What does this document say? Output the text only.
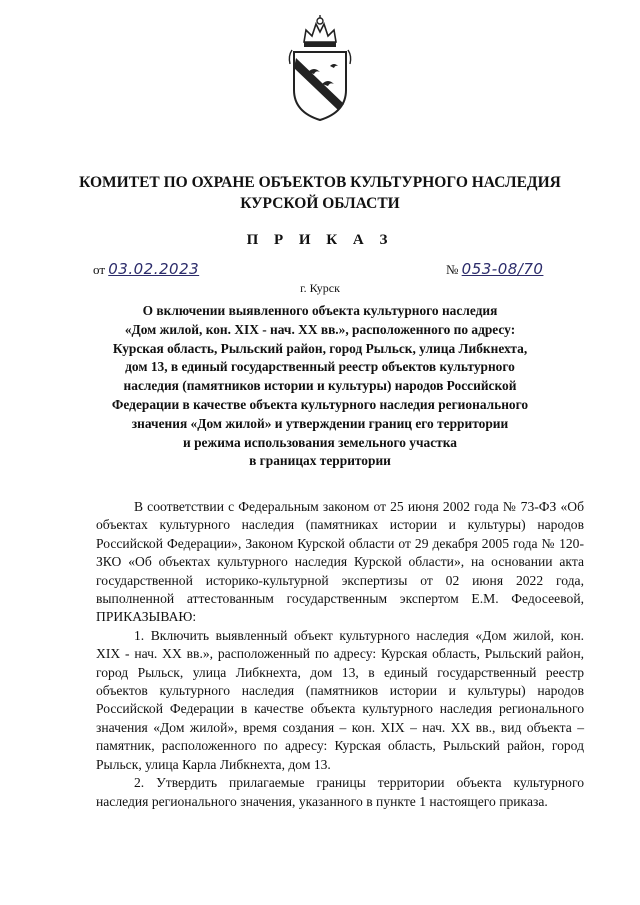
КОМИТЕТ ПО ОХРАНЕ ОБЪЕКТОВ КУЛЬТУРНОГО НАСЛЕДИЯ
КУРСКОЙ ОБЛАСТИ
П Р И К А З
от 03.02.2023	№ 053-08/70
г. Курск
О включении выявленного объекта культурного наследия
«Дом жилой, кон. XIX - нач. XX вв.», расположенного по адресу:
Курская область, Рыльский район, город Рыльск, улица Либкнехта,
дом 13, в единый государственный реестр объектов культурного
наследия (памятников истории и культуры) народов Российской
Федерации в качестве объекта культурного наследия регионального
значения «Дом жилой» и утверждении границ его территории
и режима использования земельного участка
в границах территории

В соответствии с Федеральным законом от 25 июня 2002 года № 73-ФЗ «Об объектах культурного наследия (памятниках истории и культуры) народов Российской Федерации», Законом Курской области от 29 декабря 2005 года № 120-ЗКО «Об объектах культурного наследия Курской области», на основании акта государственной историко-культурной экспертизы от 02 июня 2022 года, выполненной аттестованным государственным экспертом Е.М. Федосеевой, ПРИКАЗЫВАЮ:

1. Включить выявленный объект культурного наследия «Дом жилой, кон. XIX - нач. XX вв.», расположенный по адресу: Курская область, Рыльский район, город Рыльск, улица Либкнехта, дом 13, в единый государственный реестр объектов культурного наследия (памятников истории и культуры) народов Российской Федерации в качестве объекта культурного наследия регионального значения «Дом жилой», время создания – кон. XIX – нач. XX вв., вид объекта – памятник, расположенного по адресу: Курская область, Рыльский район, город Рыльск, улица Карла Либкнехта, дом 13.

2. Утвердить прилагаемые границы территории объекта культурного наследия регионального значения, указанного в пункте 1 настоящего приказа.
